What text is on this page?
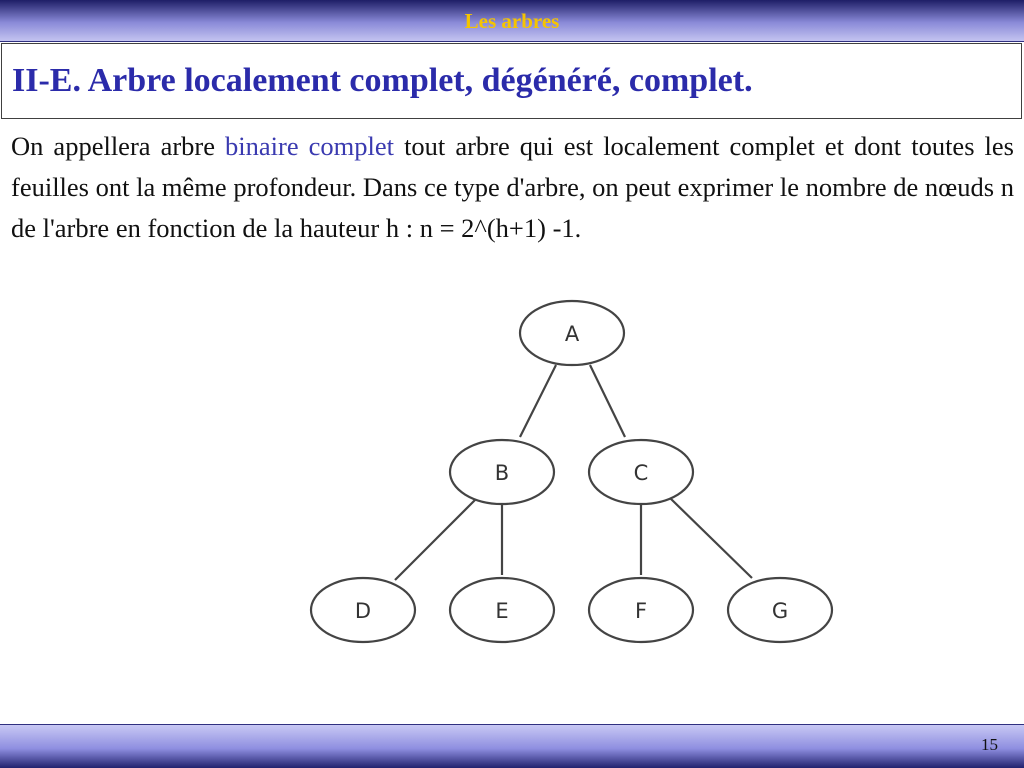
Les arbres
II-E. Arbre localement complet, dégénéré, complet.

On appellera arbre binaire complet tout arbre qui est localement complet et dont toutes les feuilles ont la même profondeur. Dans ce type d'arbre, on peut exprimer le nombre de nœuds n de l'arbre en fonction de la hauteur h : n = 2^(h+1) -1.

A
B	C
D	E	F	G
15
